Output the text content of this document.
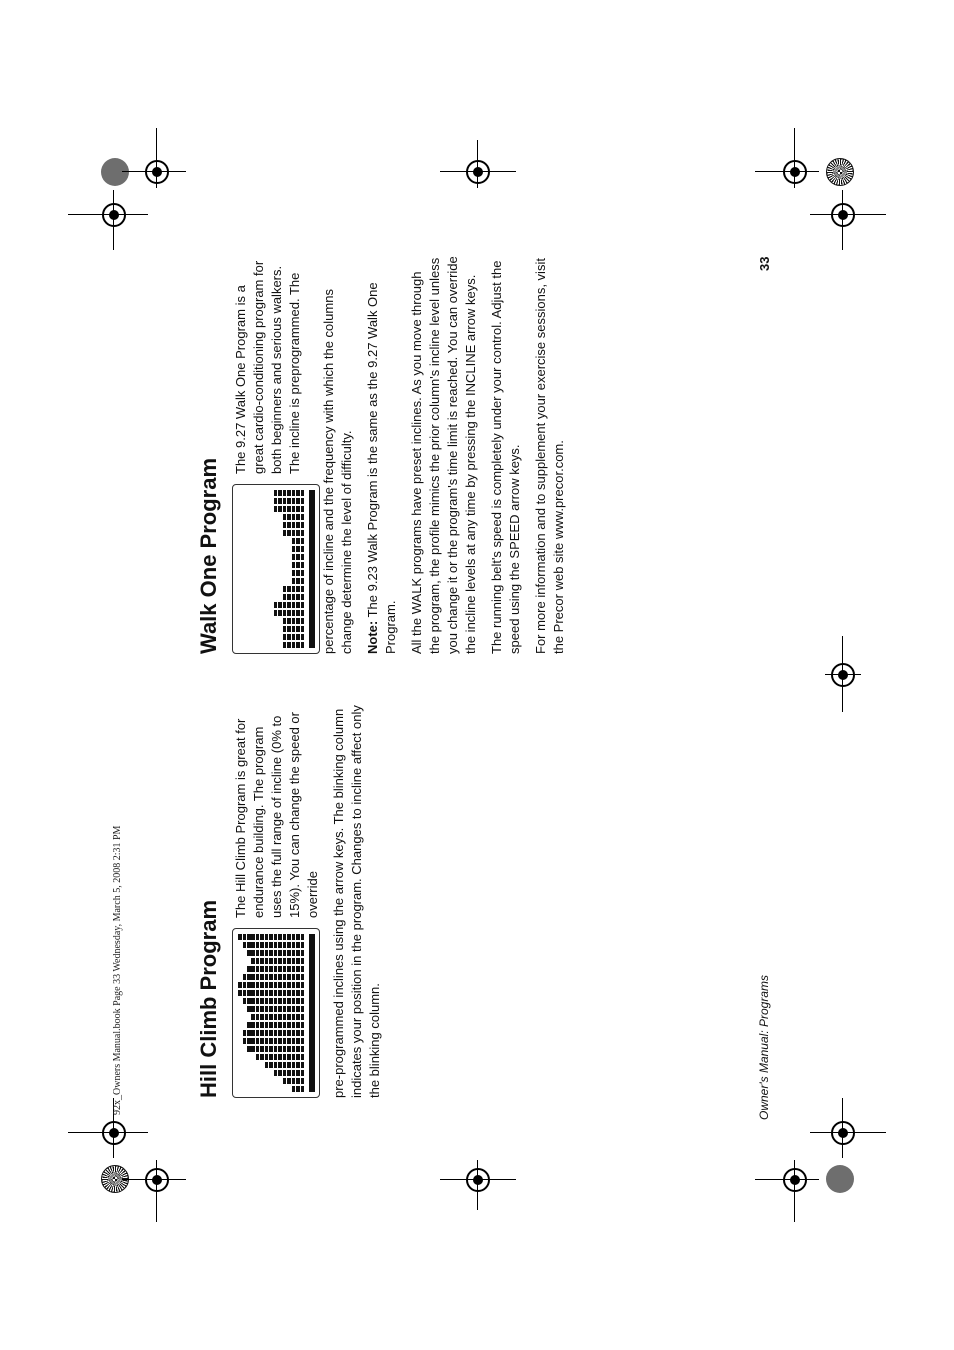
92x_Owners Manual.book Page 33 Wednesday, March 5, 2008 2:31 PM	Hill Climb Program

The Hill Climb Program is great for endurance building. The program uses the full range of incline (0% to 15%). You can change the speed or override pre-programmed inclines using the arrow keys. The blinking column indicates your position in the program. Changes to incline affect only the blinking column.

Walk One Program

The 9.27 Walk One Program is a great cardio-conditioning program for both beginners and serious walkers. The incline is preprogrammed. The percentage of incline and the frequency with which the columns change determine the level of difficulty. Note: The 9.23 Walk Program is the same as the 9.27 Walk One Program. All the WALK programs have preset inclines. As you move through the program, the profile mimics the prior column's incline level unless you change it or the program's time limit is reached. You can override the incline levels at any time by pressing the INCLINE arrow keys. The running belt's speed is completely under your control. Adjust the speed using the SPEED arrow keys. For more information and to supplement your exercise sessions, visit the Precor web site www.precor.com.

33
Owner's Manual: Programs
